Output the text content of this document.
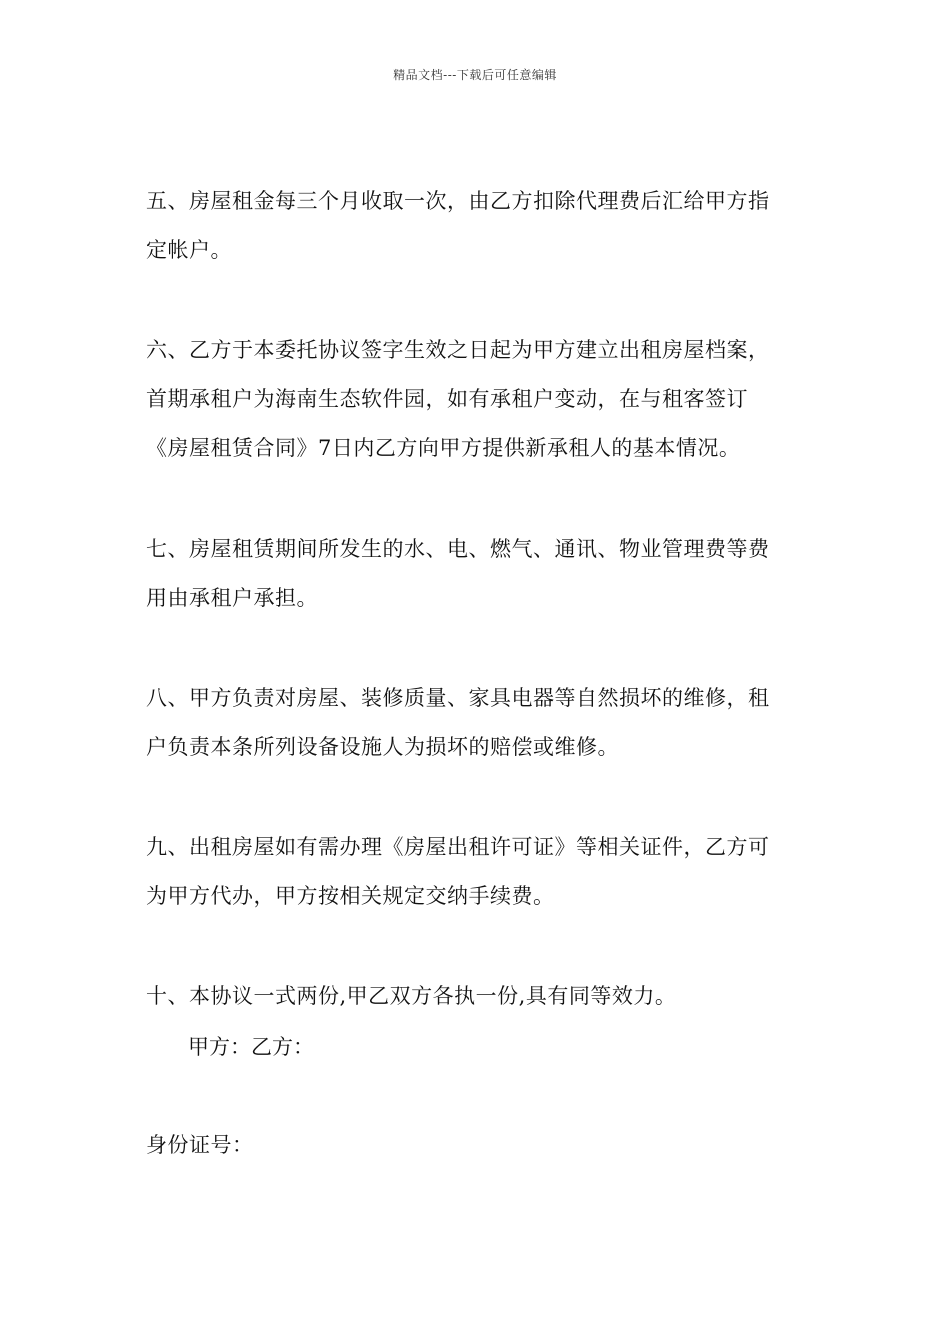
精品文档---下载后可任意编辑
五、房屋租金每三个月收取一次，由乙方扣除代理费后汇给甲方指
定帐户。
六、乙方于本委托协议签字生效之日起为甲方建立出租房屋档案，
首期承租户为海南生态软件园，如有承租户变动，在与租客签订
《房屋租赁合同》7日内乙方向甲方提供新承租人的基本情况。
七、房屋租赁期间所发生的水、电、燃气、通讯、物业管理费等费
用由承租户承担。
八、甲方负责对房屋、装修质量、家具电器等自然损坏的维修，租
户负责本条所列设备设施人为损坏的赔偿或维修。
九、出租房屋如有需办理《房屋出租许可证》等相关证件，乙方可
为甲方代办，甲方按相关规定交纳手续费。
十、本协议一式两份,甲乙双方各执一份,具有同等效力。
甲方：乙方：
身份证号：
